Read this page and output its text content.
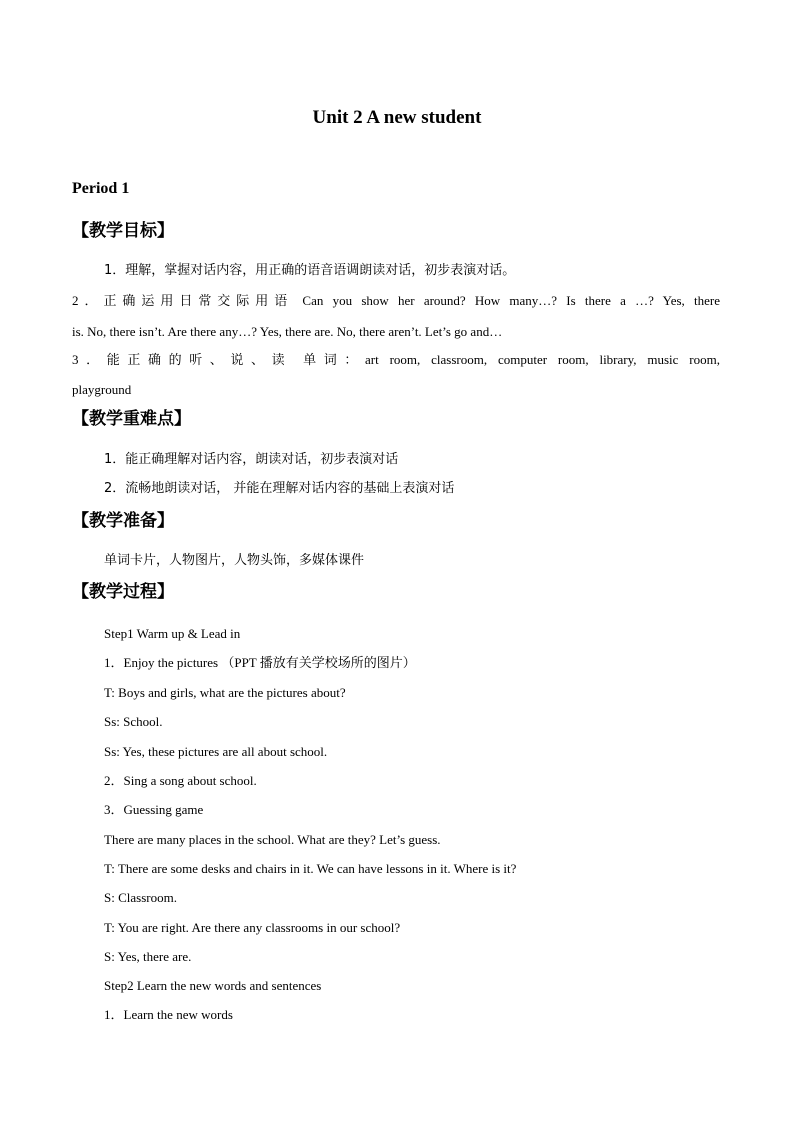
Unit 2 A new student
Period 1
【教学目标】
1．理解，掌握对话内容，用正确的语音语调朗读对话，初步表演对话。
2．正确运用日常交际用语 Can you show her around? How many…? Is there a …? Yes, there
is. No, there isn’t. Are there any…? Yes, there are. No, there aren’t. Let’s go and…
3．能正确的听、说、读 单词：art room, classroom, computer room, library, music room,
playground
【教学重难点】
1．能正确理解对话内容，朗读对话，初步表演对话
2．流畅地朗读对话， 并能在理解对话内容的基础上表演对话
【教学准备】
单词卡片，人物图片，人物头饰，多媒体课件
【教学过程】
Step1 Warm up & Lead in
1．Enjoy the pictures （PPT 播放有关学校场所的图片）
T: Boys and girls, what are the pictures about?
Ss: School.
Ss: Yes, these pictures are all about school.
2．Sing a song about school.
3．Guessing game
There are many places in the school. What are they? Let’s guess.
T: There are some desks and chairs in it. We can have lessons in it. Where is it?
S: Classroom.
T: You are right. Are there any classrooms in our school?
S: Yes, there are.
Step2 Learn the new words and sentences
1．Learn the new words
